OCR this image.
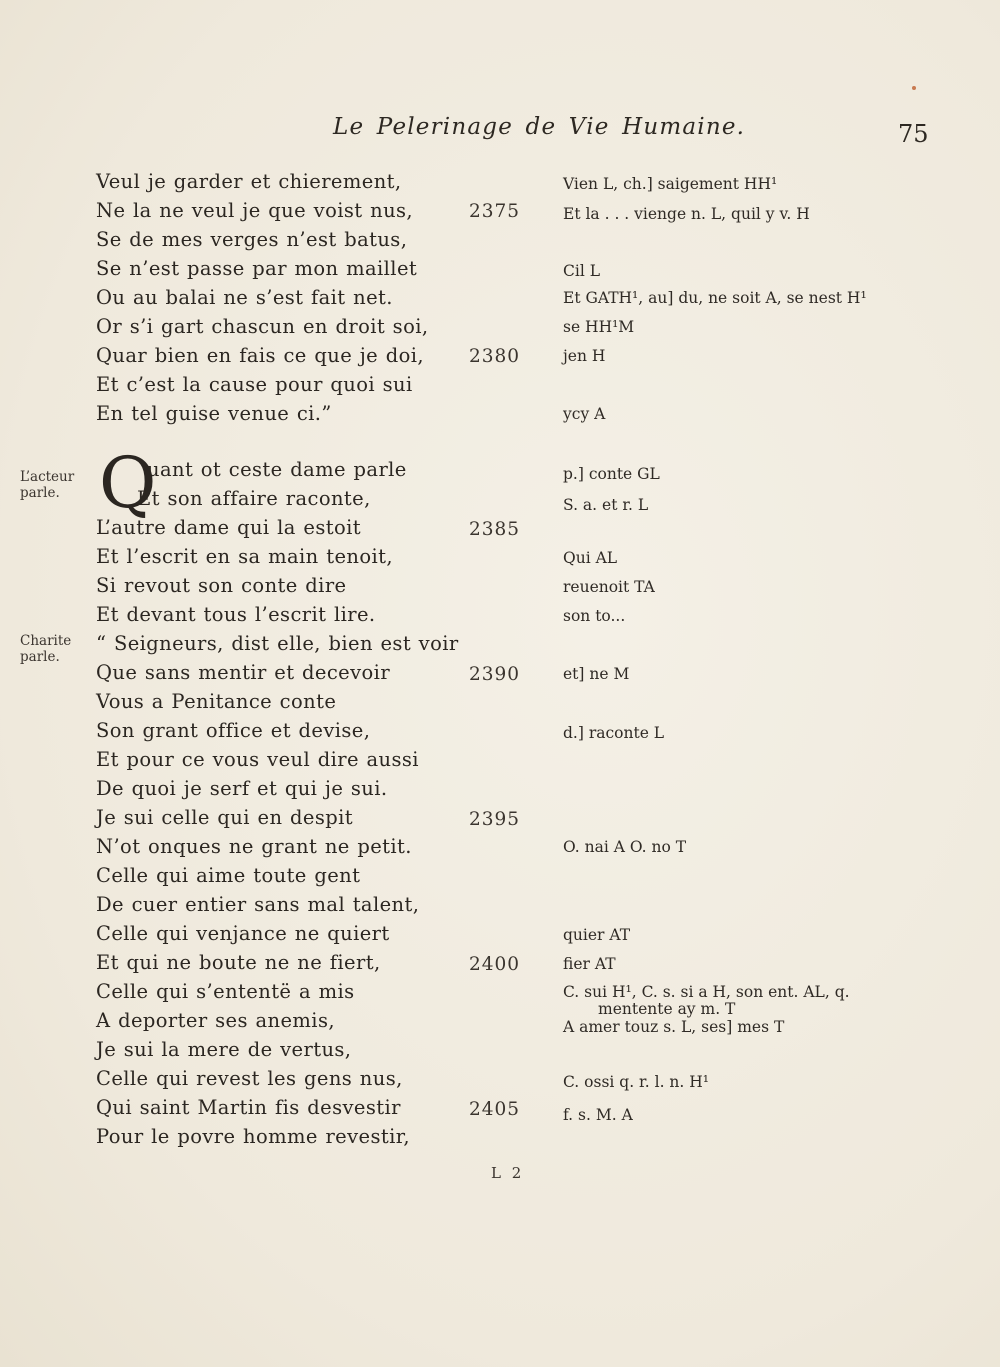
Le Pelerinage de Vie Humaine.	75
Veul je garder et chierement,
Ne la ne veul je que voist nus,
Se de mes verges n’est batus,
Se n’est passe par mon maillet
Ou au balai ne s’est fait net.
Or s’i gart chascun en droit soi,
Quar bien en fais ce que je doi,
Et c’est la cause pour quoi sui
En tel guise venue ci.”
Q
uant ot ceste dame parle
Et son affaire raconte,
L’autre dame qui la estoit
Et l’escrit en sa main tenoit,
Si revout son conte dire
Et devant tous l’escrit lire.
“ Seigneurs, dist elle, bien est voir
Que sans mentir et decevoir
Vous a Penitance conte
Son grant office et devise,
Et pour ce vous veul dire aussi
De quoi je serf et qui je sui.
Je sui celle qui en despit
N’ot onques ne grant ne petit.
Celle qui aime toute gent
De cuer entier sans mal talent,
Celle qui venjance ne quiert
Et qui ne boute ne ne fiert,
Celle qui s’ententë a mis
A deporter ses anemis,
Je sui la mere de vertus,
Celle qui revest les gens nus,
Qui saint Martin fis desvestir
Pour le povre homme revestir,
2375
2380
2385
2390
2395
2400
2405
Vien L, ch.] saigement HH¹
Et la . . . vienge n. L, quil y v. H
Cil L
Et GATH¹, au] du, ne soit A, se nest H¹
se HH¹M
jen H
ycy A
p.] conte GL
S. a. et r. L
Qui AL
reuenoit TA
son to...
et] ne M
d.] raconte L
O. nai A O. no T
quier AT
fier AT
C. sui H¹, C. s. si a H, son ent. AL, q.
mentente ay m. T
A amer touz s. L, ses] mes T
C. ossi q. r. l. n. H¹
f. s. M. A
L’acteur
parle.
Charite
parle.
L 2
